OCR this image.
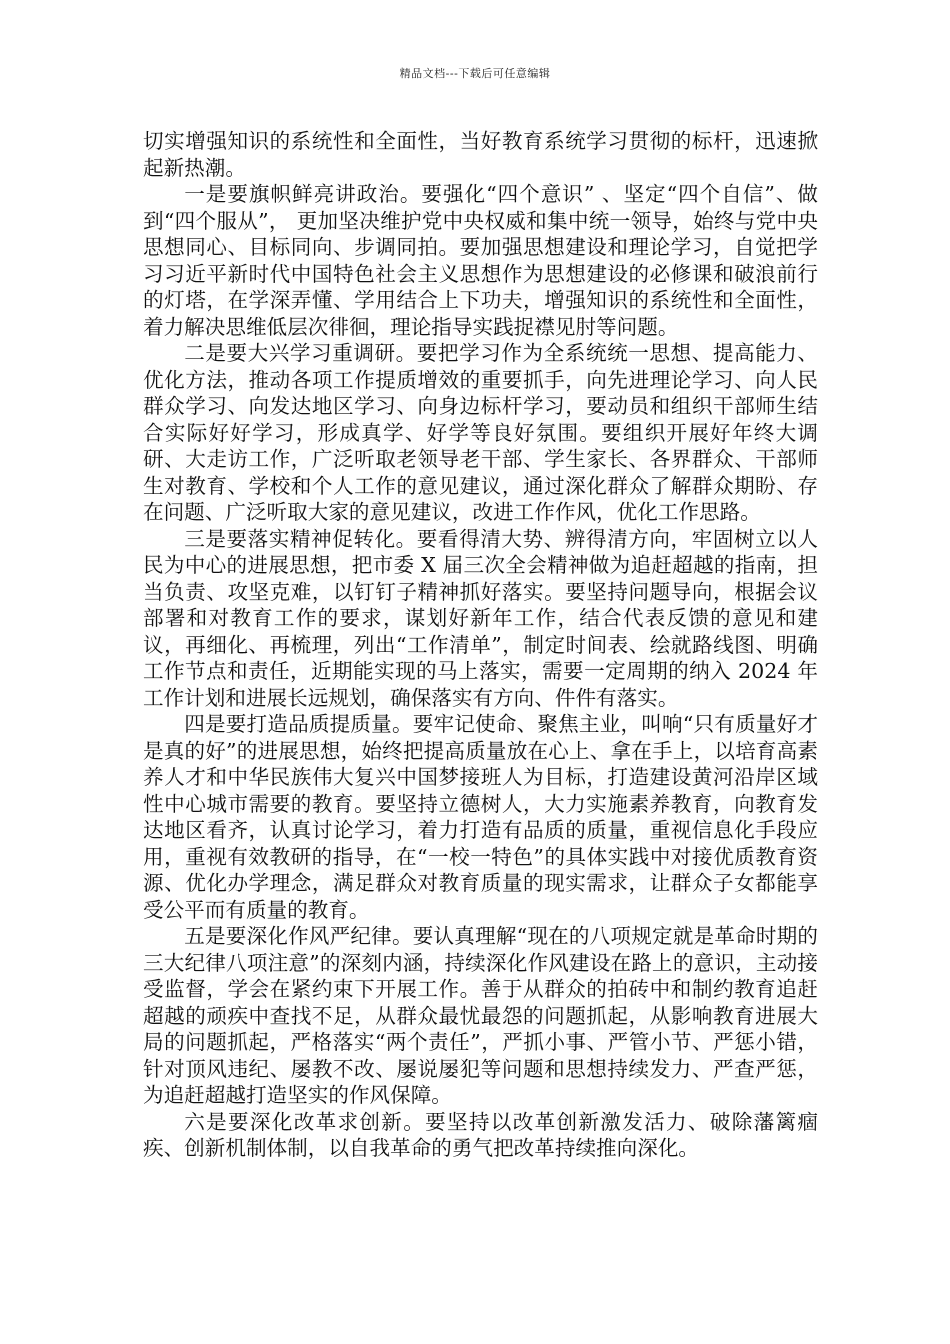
精品文档---下载后可任意编辑

切实增强知识的系统性和全面性，当好教育系统学习贯彻的标杆，迅速掀起新热潮。

一是要旗帜鲜亮讲政治。要强化“四个意识” 、坚定“四个自信”、做到“四个服从”， 更加坚决维护党中央权威和集中统一领导，始终与党中央思想同心、目标同向、步调同拍。要加强思想建设和理论学习，自觉把学习习近平新时代中国特色社会主义思想作为思想建设的必修课和破浪前行的灯塔，在学深弄懂、学用结合上下功夫，增强知识的系统性和全面性，着力解决思维低层次徘徊，理论指导实践捉襟见肘等问题。

二是要大兴学习重调研。要把学习作为全系统统一思想、提高能力、优化方法，推动各项工作提质增效的重要抓手，向先进理论学习、向人民群众学习、向发达地区学习、向身边标杆学习，要动员和组织干部师生结合实际好好学习，形成真学、好学等良好氛围。要组织开展好年终大调研、大走访工作，广泛听取老领导老干部、学生家长、各界群众、干部师生对教育、学校和个人工作的意见建议，通过深化群众了解群众期盼、存在问题、广泛听取大家的意见建议，改进工作作风，优化工作思路。

三是要落实精神促转化。要看得清大势、辨得清方向，牢固树立以人民为中心的进展思想，把市委 X 届三次全会精神做为追赶超越的指南，担当负责、攻坚克难，以钉钉子精神抓好落实。要坚持问题导向，根据会议部署和对教育工作的要求，谋划好新年工作，结合代表反馈的意见和建议，再细化、再梳理，列出“工作清单”，制定时间表、绘就路线图、明确工作节点和责任，近期能实现的马上落实，需要一定周期的纳入 2024 年工作计划和进展长远规划，确保落实有方向、件件有落实。

四是要打造品质提质量。要牢记使命、聚焦主业，叫响“只有质量好才是真的好”的进展思想，始终把提高质量放在心上、拿在手上，以培育高素养人才和中华民族伟大复兴中国梦接班人为目标，打造建设黄河沿岸区域性中心城市需要的教育。要坚持立德树人，大力实施素养教育，向教育发达地区看齐，认真讨论学习，着力打造有品质的质量，重视信息化手段应用，重视有效教研的指导，在“一校一特色”的具体实践中对接优质教育资源、优化办学理念，满足群众对教育质量的现实需求，让群众子女都能享受公平而有质量的教育。

五是要深化作风严纪律。要认真理解“现在的八项规定就是革命时期的三大纪律八项注意”的深刻内涵，持续深化作风建设在路上的意识，主动接受监督，学会在紧约束下开展工作。善于从群众的拍砖中和制约教育追赶超越的顽疾中查找不足，从群众最忧最怨的问题抓起，从影响教育进展大局的问题抓起，严格落实“两个责任”，严抓小事、严管小节、严惩小错，针对顶风违纪、屡教不改、屡说屡犯等问题和思想持续发力、严查严惩，为追赶超越打造坚实的作风保障。

六是要深化改革求创新。要坚持以改革创新激发活力、破除藩篱痼疾、创新机制体制，以自我革命的勇气把改革持续推向深化。
